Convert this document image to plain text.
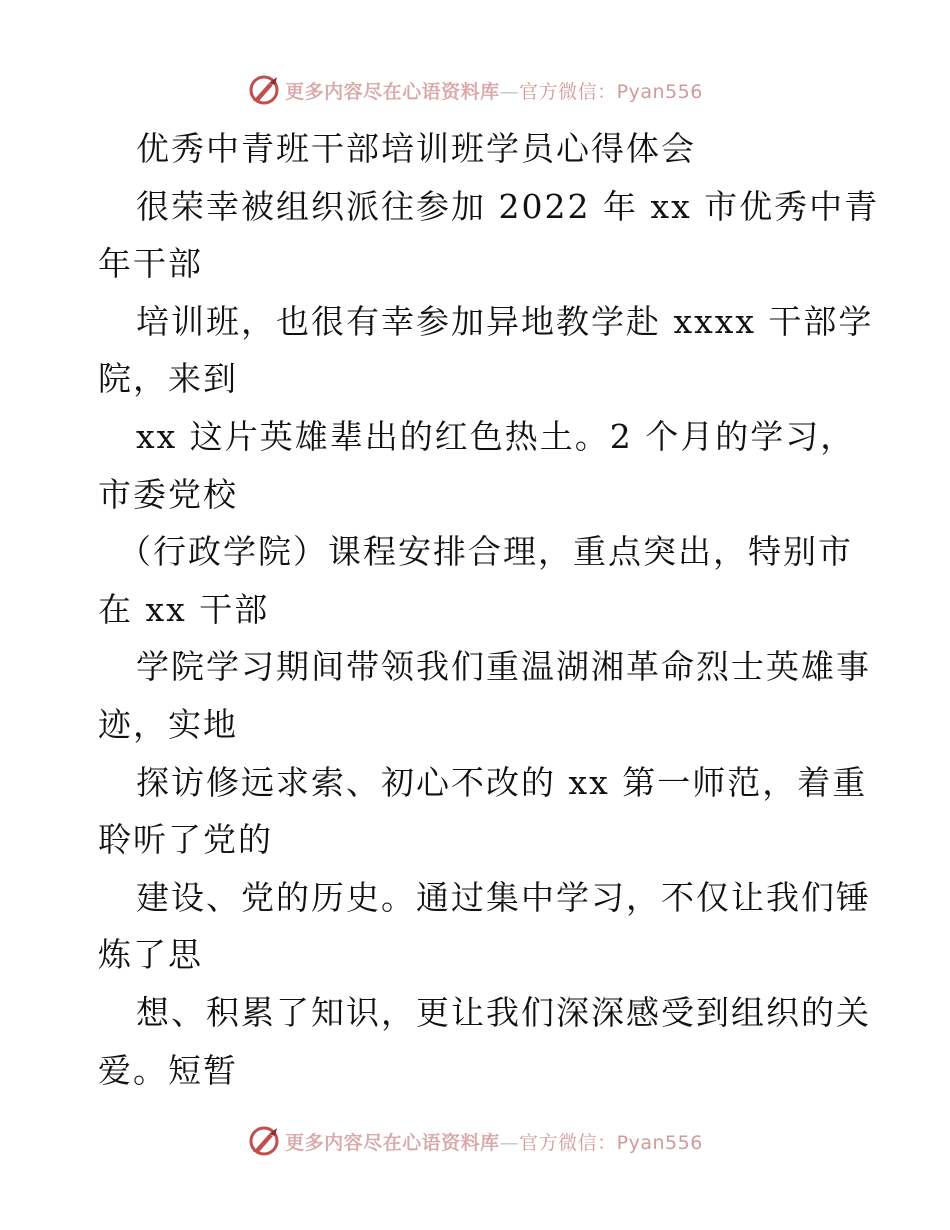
更多内容尽在心语资料库—官方微信：Pyan556
优秀中青班干部培训班学员心得体会
很荣幸被组织派往参加 2022 年 xx 市优秀中青
年干部
培训班，也很有幸参加异地教学赴 xxxx 干部学
院，来到
xx 这片英雄辈出的红色热土。2 个月的学习，
市委党校
（行政学院）课程安排合理，重点突出，特别市
在 xx 干部
学院学习期间带领我们重温湖湘革命烈士英雄事
迹，实地
探访修远求索、初心不改的 xx 第一师范，着重
聆听了党的
建设、党的历史。通过集中学习，不仅让我们锤
炼了思
想、积累了知识，更让我们深深感受到组织的关
爱。短暂
更多内容尽在心语资料库—官方微信：Pyan556
